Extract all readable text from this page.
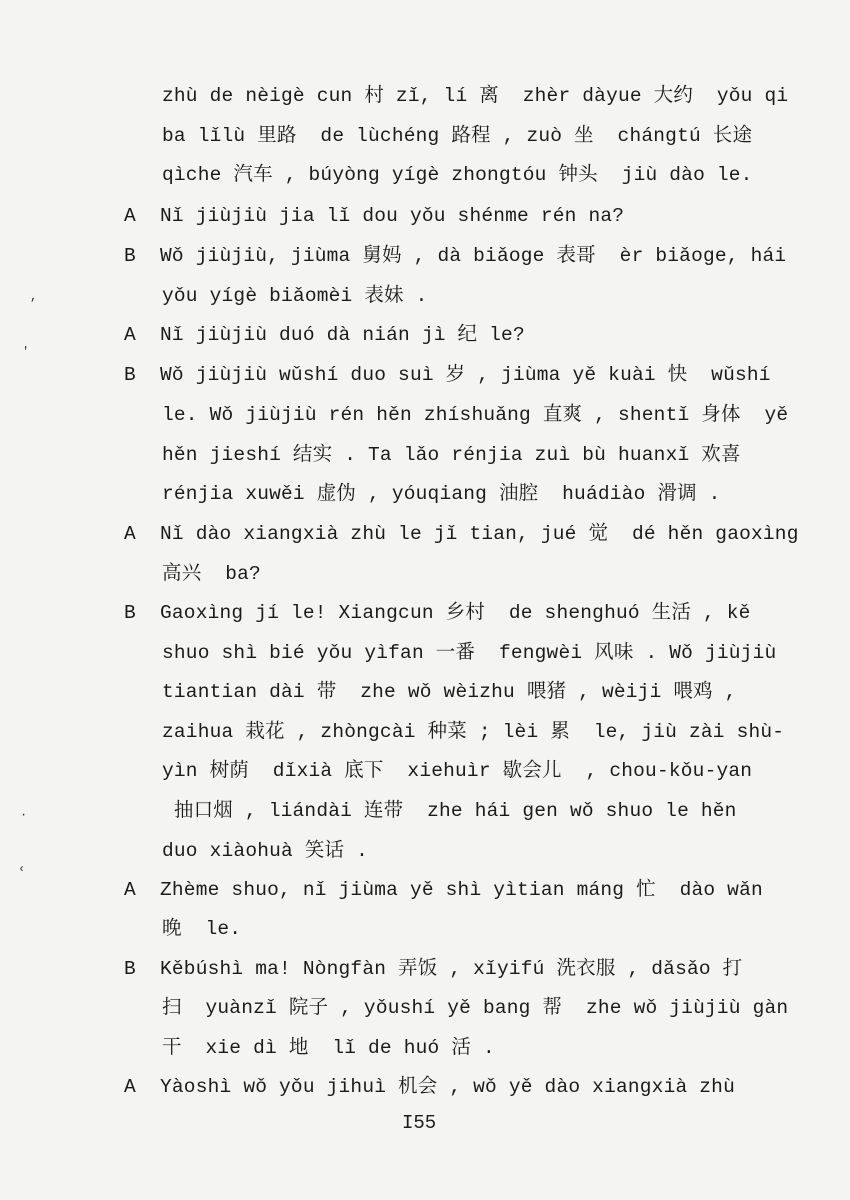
zhù de nèigè cun 村 zǐ, lí 离  zhèr dàyue 大约  yǒu qi
ba lǐlù 里路  de lùchéng 路程 , zuò 坐  chángtú 长途
qìche 汽车 , búyòng yígè zhongtóu 钟头  jiù dào le.
A	Nǐ jiùjiù jia lǐ dou yǒu shénme rén na?
B	Wǒ jiùjiù, jiùma 舅妈 , dà biǎoge 表哥  èr biǎoge, hái
yǒu yígè biǎomèi 表妹 .
A	Nǐ jiùjiù duó dà nián jì 纪 le?
B	Wǒ jiùjiù wǔshí duo suì 岁 , jiùma yě kuài 快  wǔshí
le. Wǒ jiùjiù rén hěn zhíshuǎng 直爽 , shentǐ 身体  yě
hěn jieshí 结实 . Ta lǎo rénjia zuì bù huanxǐ 欢喜
rénjia xuwěi 虚伪 , yóuqiang 油腔  huádiào 滑调 .
A	Nǐ dào xiangxià zhù le jǐ tian, jué 觉  dé hěn gaoxìng
高兴  ba?
B	Gaoxìng jí le! Xiangcun 乡村  de shenghuó 生活 , kě
shuo shì bié yǒu yìfan 一番  fengwèi 风味 . Wǒ jiùjiù
tiantian dài 带  zhe wǒ wèizhu 喂猪 , wèiji 喂鸡 ,
zaihua 栽花 , zhòngcài 种菜 ; lèi 累  le, jiù zài shù-
yìn 树荫  dǐxià 底下  xiehuìr 歇会儿  , chou-kǒu-yan
抽口烟 , liándài 连带  zhe hái gen wǒ shuo le hěn
duo xiàohuà 笑话 .
A	Zhème shuo, nǐ jiùma yě shì yìtian máng 忙  dào wǎn
晚  le.
B	Kěbúshì ma! Nòngfàn 弄饭 , xǐyifú 洗衣服 , dǎsǎo 打
扫  yuànzǐ 院子 , yǒushí yě bang 帮  zhe wǒ jiùjiù gàn
干  xie dì 地  lǐ de huó 活 .
A	Yàoshì wǒ yǒu jihuì 机会 , wǒ yě dào xiangxià zhù
I55
,
'
·
‹
